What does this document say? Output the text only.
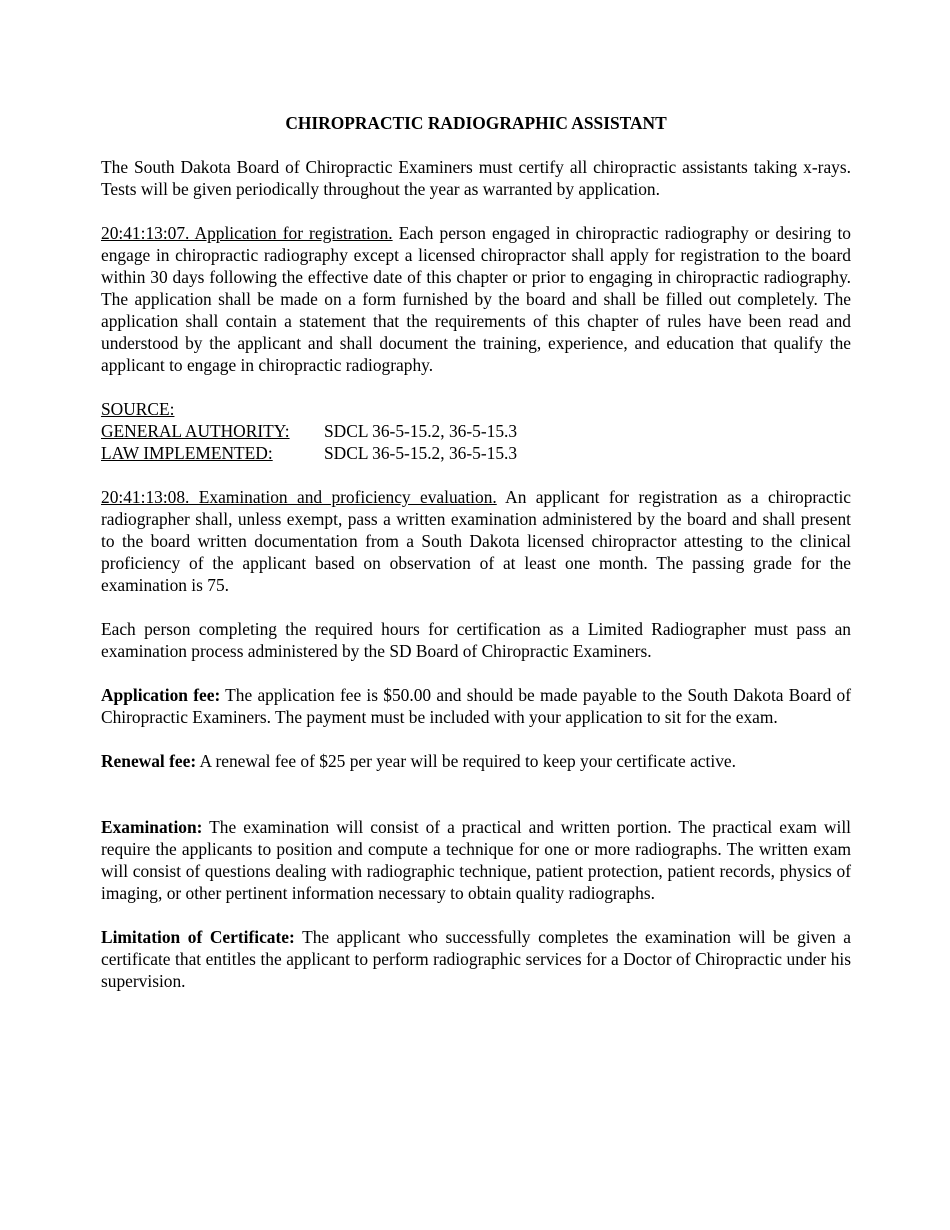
CHIROPRACTIC RADIOGRAPHIC ASSISTANT

The South Dakota Board of Chiropractic Examiners must certify all chiropractic assistants taking x-rays. Tests will be given periodically throughout the year as warranted by application.

20:41:13:07. Application for registration. Each person engaged in chiropractic radiography or desiring to engage in chiropractic radiography except a licensed chiropractor shall apply for registration to the board within 30 days following the effective date of this chapter or prior to engaging in chiropractic radiography. The application shall be made on a form furnished by the board and shall be filled out completely. The application shall contain a statement that the requirements of this chapter of rules have been read and understood by the applicant and shall document the training, experience, and education that qualify the applicant to engage in chiropractic radiography.

SOURCE:
GENERAL AUTHORITY:	SDCL 36-5-15.2, 36-5-15.3
LAW IMPLEMENTED:	SDCL 36-5-15.2, 36-5-15.3

20:41:13:08. Examination and proficiency evaluation. An applicant for registration as a chiropractic radiographer shall, unless exempt, pass a written examination administered by the board and shall present to the board written documentation from a South Dakota licensed chiropractor attesting to the clinical proficiency of the applicant based on observation of at least one month. The passing grade for the examination is 75.

Each person completing the required hours for certification as a Limited Radiographer must pass an examination process administered by the SD Board of Chiropractic Examiners.

Application fee: The application fee is $50.00 and should be made payable to the South Dakota Board of Chiropractic Examiners. The payment must be included with your application to sit for the exam.

Renewal fee: A renewal fee of $25 per year will be required to keep your certificate active.

Examination: The examination will consist of a practical and written portion. The practical exam will require the applicants to position and compute a technique for one or more radiographs. The written exam will consist of questions dealing with radiographic technique, patient protection, patient records, physics of imaging, or other pertinent information necessary to obtain quality radiographs.

Limitation of Certificate: The applicant who successfully completes the examination will be given a certificate that entitles the applicant to perform radiographic services for a Doctor of Chiropractic under his supervision.
